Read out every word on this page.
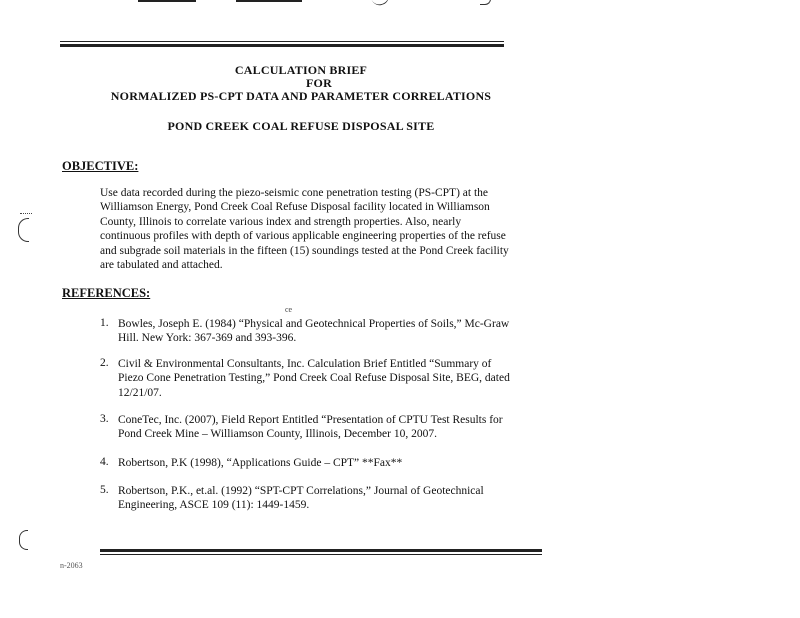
CALCULATION BRIEF
FOR
NORMALIZED PS-CPT DATA AND PARAMETER CORRELATIONS
POND CREEK COAL REFUSE DISPOSAL SITE
OBJECTIVE:
Use data recorded during the piezo-seismic cone penetration testing (PS-CPT) at the
Williamson Energy, Pond Creek Coal Refuse Disposal facility located in Williamson
County, Illinois to correlate various index and strength properties. Also, nearly
continuous profiles with depth of various applicable engineering properties of the refuse
and subgrade soil materials in the fifteen (15) soundings tested at the Pond Creek facility
are tabulated and attached.
REFERENCES:
ce
1. Bowles, Joseph E. (1984) “Physical and Geotechnical Properties of Soils,” Mc-Graw
Hill. New York: 367-369 and 393-396.
2. Civil & Environmental Consultants, Inc. Calculation Brief Entitled “Summary of
Piezo Cone Penetration Testing,” Pond Creek Coal Refuse Disposal Site, BEG, dated
12/21/07.
3. ConeTec, Inc. (2007), Field Report Entitled “Presentation of CPTU Test Results for
Pond Creek Mine – Williamson County, Illinois, December 10, 2007.
4. Robertson, P.K (1998), “Applications Guide – CPT” **Fax**
5. Robertson, P.K., et.al. (1992) “SPT-CPT Correlations,” Journal of Geotechnical
Engineering, ASCE 109 (11): 1449-1459.
n-2063
